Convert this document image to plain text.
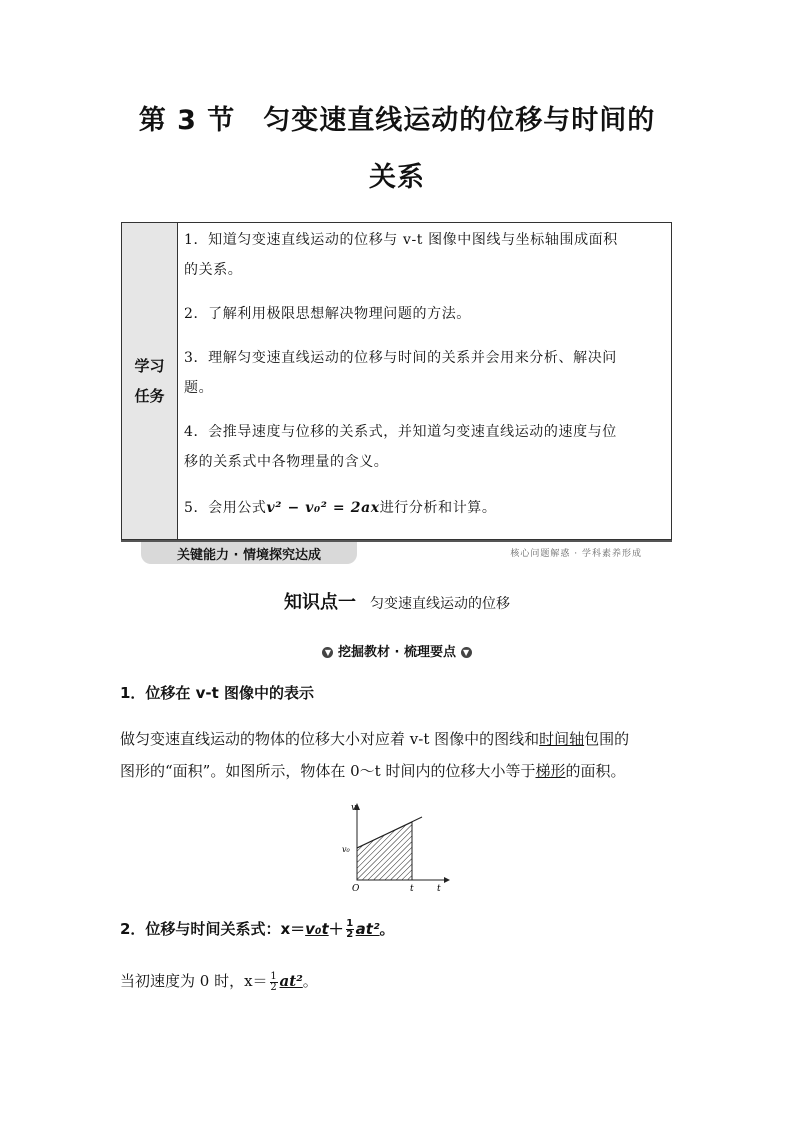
第 3 节　匀变速直线运动的位移与时间的
关系
学习
任务
1．知道匀变速直线运动的位移与 v-t 图像中图线与坐标轴围成面积
的关系。
2．了解利用极限思想解决物理问题的方法。
3．理解匀变速直线运动的位移与时间的关系并会用来分析、解决问
题。
4．会推导速度与位移的关系式，并知道匀变速直线运动的速度与位
移的关系式中各物理量的含义。
5．会用公式v² − v₀² = 2ax进行分析和计算。
关键能力 · 情境探究达成	核心问题解惑 · 学科素养形成
知识点一 匀变速直线运动的位移
▼ 挖掘教材 · 梳理要点 ▼
1．位移在 v-t 图像中的表示
做匀变速直线运动的物体的位移大小对应着 v-t 图像中的图线和时间轴包围的
图形的“面积”。如图所示，物体在 0～t 时间内的位移大小等于梯形的面积。
v
v₀
O	t	t
2．位移与时间关系式：$x=v_0t+ \frac{1}{2} at^2$。
当初速度为 0 时，$x= \frac{1}{2} at^2$。
